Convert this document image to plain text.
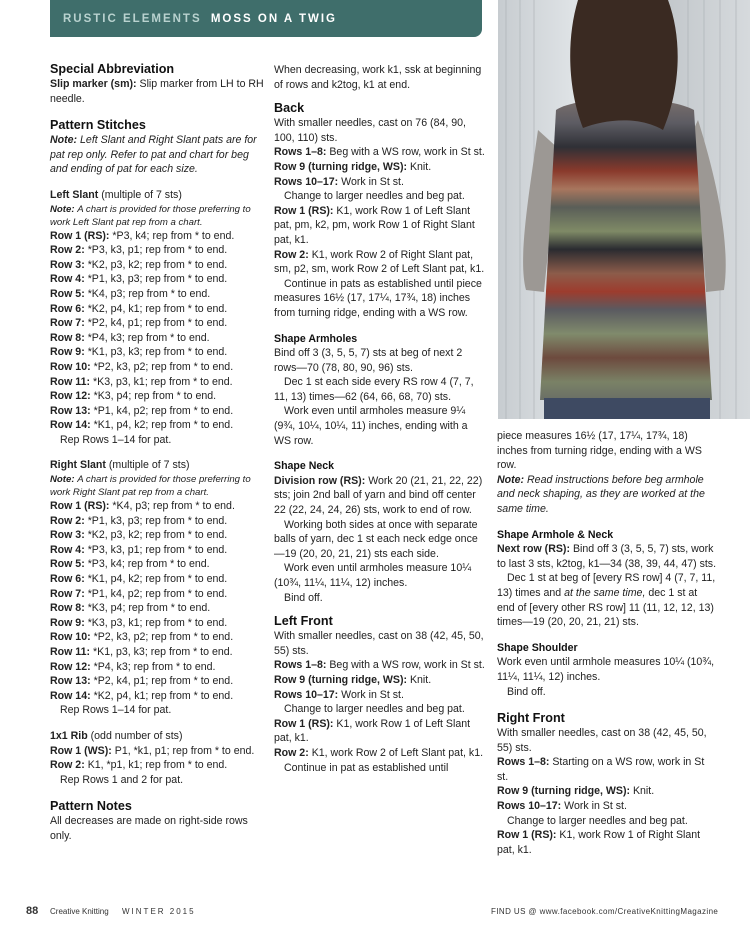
RUSTIC ELEMENTS MOSS ON A TWIG

Special Abbreviation

Slip marker (sm): Slip marker from LH to RH needle.

Pattern Stitches

Note: Left Slant and Right Slant pats are for pat rep only. Refer to pat and chart for beg and ending of pat for each size.

Left Slant (multiple of 7 sts)

Note: A chart is provided for those preferring to work Left Slant pat rep from a chart.

Row 1 (RS): *P3, k4; rep from * to end.

Row 2: *P3, k3, p1; rep from * to end.

Row 3: *K2, p3, k2; rep from * to end.

Row 4: *P1, k3, p3; rep from * to end.

Row 5: *K4, p3; rep from * to end.

Row 6: *K2, p4, k1; rep from * to end.

Row 7: *P2, k4, p1; rep from * to end.

Row 8: *P4, k3; rep from * to end.

Row 9: *K1, p3, k3; rep from * to end.

Row 10: *P2, k3, p2; rep from * to end.

Row 11: *K3, p3, k1; rep from * to end.

Row 12: *K3, p4; rep from * to end.

Row 13: *P1, k4, p2; rep from * to end.

Row 14: *K1, p4, k2; rep from * to end.

Rep Rows 1–14 for pat.

Right Slant (multiple of 7 sts)

Note: A chart is provided for those preferring to work Right Slant pat rep from a chart.

Row 1 (RS): *K4, p3; rep from * to end.

Row 2: *P1, k3, p3; rep from * to end.

Row 3: *K2, p3, k2; rep from * to end.

Row 4: *P3, k3, p1; rep from * to end.

Row 5: *P3, k4; rep from * to end.

Row 6: *K1, p4, k2; rep from * to end.

Row 7: *P1, k4, p2; rep from * to end.

Row 8: *K3, p4; rep from * to end.

Row 9: *K3, p3, k1; rep from * to end.

Row 10: *P2, k3, p2; rep from * to end.

Row 11: *K1, p3, k3; rep from * to end.

Row 12: *P4, k3; rep from * to end.

Row 13: *P2, k4, p1; rep from * to end.

Row 14: *K2, p4, k1; rep from * to end.

Rep Rows 1–14 for pat.

1x1 Rib (odd number of sts)

Row 1 (WS): P1, *k1, p1; rep from * to end.

Row 2: K1, *p1, k1; rep from * to end.

Rep Rows 1 and 2 for pat.

Pattern Notes

All decreases are made on right-side rows only.

When decreasing, work k1, ssk at beginning of rows and k2tog, k1 at end.

Back

With smaller needles, cast on 76 (84, 90, 100, 110) sts.

Rows 1–8: Beg with a WS row, work in St st.

Row 9 (turning ridge, WS): Knit.

Rows 10–17: Work in St st.

Change to larger needles and beg pat.

Row 1 (RS): K1, work Row 1 of Left Slant pat, pm, k2, pm, work Row 1 of Right Slant pat, k1.

Row 2: K1, work Row 2 of Right Slant pat, sm, p2, sm, work Row 2 of Left Slant pat, k1.

Continue in pats as established until piece measures 16½ (17, 17¼, 17¾, 18) inches from turning ridge, ending with a WS row.

Shape Armholes

Bind off 3 (3, 5, 5, 7) sts at beg of next 2 rows—70 (78, 80, 90, 96) sts.

Dec 1 st each side every RS row 4 (7, 7, 11, 13) times—62 (64, 66, 68, 70) sts.

Work even until armholes measure 9¼ (9¾, 10¼, 10¼, 11) inches, ending with a WS row.

Shape Neck

Division row (RS): Work 20 (21, 21, 22, 22) sts; join 2nd ball of yarn and bind off center 22 (22, 24, 24, 26) sts, work to end of row.

Working both sides at once with separate balls of yarn, dec 1 st each neck edge once—19 (20, 20, 21, 21) sts each side.

Work even until armholes measure 10¼ (10¾, 11¼, 11¼, 12) inches.

Bind off.

Left Front

With smaller needles, cast on 38 (42, 45, 50, 55) sts.

Rows 1–8: Beg with a WS row, work in St st.

Row 9 (turning ridge, WS): Knit.

Rows 10–17: Work in St st.

Change to larger needles and beg pat.

Row 1 (RS): K1, work Row 1 of Left Slant pat, k1.

Row 2: K1, work Row 2 of Left Slant pat, k1.

Continue in pat as established until

piece measures 16½ (17, 17¼, 17¾, 18) inches from turning ridge, ending with a WS row.

Note: Read instructions before beg armhole and neck shaping, as they are worked at the same time.

Shape Armhole & Neck

Next row (RS): Bind off 3 (3, 5, 5, 7) sts, work to last 3 sts, k2tog, k1—34 (38, 39, 44, 47) sts.

Dec 1 st at beg of [every RS row] 4 (7, 7, 11, 13) times and at the same time, dec 1 st at end of [every other RS row] 11 (11, 12, 12, 13) times—19 (20, 20, 21, 21) sts.

Shape Shoulder

Work even until armhole measures 10¼ (10¾, 11¼, 11¼, 12) inches.

Bind off.

Right Front

With smaller needles, cast on 38 (42, 45, 50, 55) sts.

Rows 1–8: Starting on a WS row, work in St st.

Row 9 (turning ridge, WS): Knit.

Rows 10–17: Work in St st.

Change to larger needles and beg pat.

Row 1 (RS): K1, work Row 1 of Right Slant pat, k1.

88 Creative Knitting WINTER 2015	FIND US @ www.facebook.com/CreativeKnittingMagazine
